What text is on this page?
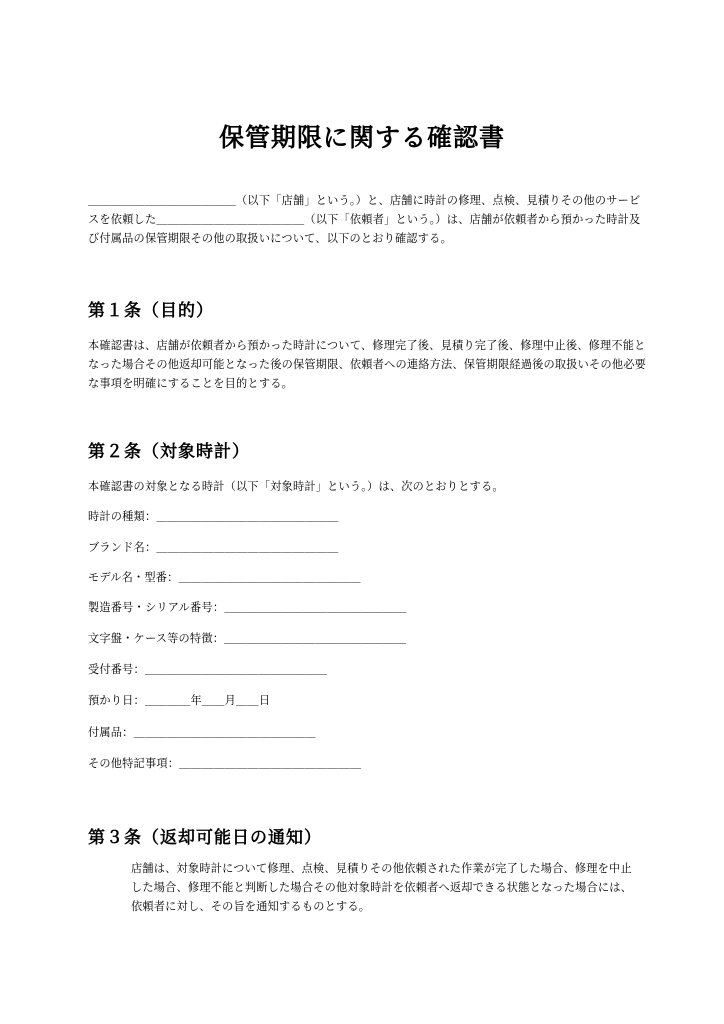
保管期限に関する確認書
＿＿＿＿＿＿＿＿＿＿＿＿＿（以下「店舗」という。）と、店舗に時計の修理、点検、見積りその他のサービスを依頼した＿＿＿＿＿＿＿＿＿＿＿＿＿（以下「依頼者」という。）は、店舗が依頼者から預かった時計及び付属品の保管期限その他の取扱いについて、以下のとおり確認する。
第１条（目的）
本確認書は、店舗が依頼者から預かった時計について、修理完了後、見積り完了後、修理中止後、修理不能となった場合その他返却可能となった後の保管期限、依頼者への連絡方法、保管期限経過後の取扱いその他必要な事項を明確にすることを目的とする。
第２条（対象時計）
本確認書の対象となる時計（以下「対象時計」という。）は、次のとおりとする。
時計の種類：＿＿＿＿＿＿＿＿＿＿＿＿＿＿＿＿
ブランド名：＿＿＿＿＿＿＿＿＿＿＿＿＿＿＿＿
モデル名・型番：＿＿＿＿＿＿＿＿＿＿＿＿＿＿＿＿
製造番号・シリアル番号：＿＿＿＿＿＿＿＿＿＿＿＿＿＿＿＿
文字盤・ケース等の特徴：＿＿＿＿＿＿＿＿＿＿＿＿＿＿＿＿
受付番号：＿＿＿＿＿＿＿＿＿＿＿＿＿＿＿＿
預かり日：＿＿＿＿年＿＿月＿＿日
付属品：＿＿＿＿＿＿＿＿＿＿＿＿＿＿＿＿
その他特記事項：＿＿＿＿＿＿＿＿＿＿＿＿＿＿＿＿
第３条（返却可能日の通知）
店舗は、対象時計について修理、点検、見積りその他依頼された作業が完了した場合、修理を中止した場合、修理不能と判断した場合その他対象時計を依頼者へ返却できる状態となった場合には、依頼者に対し、その旨を通知するものとする。
